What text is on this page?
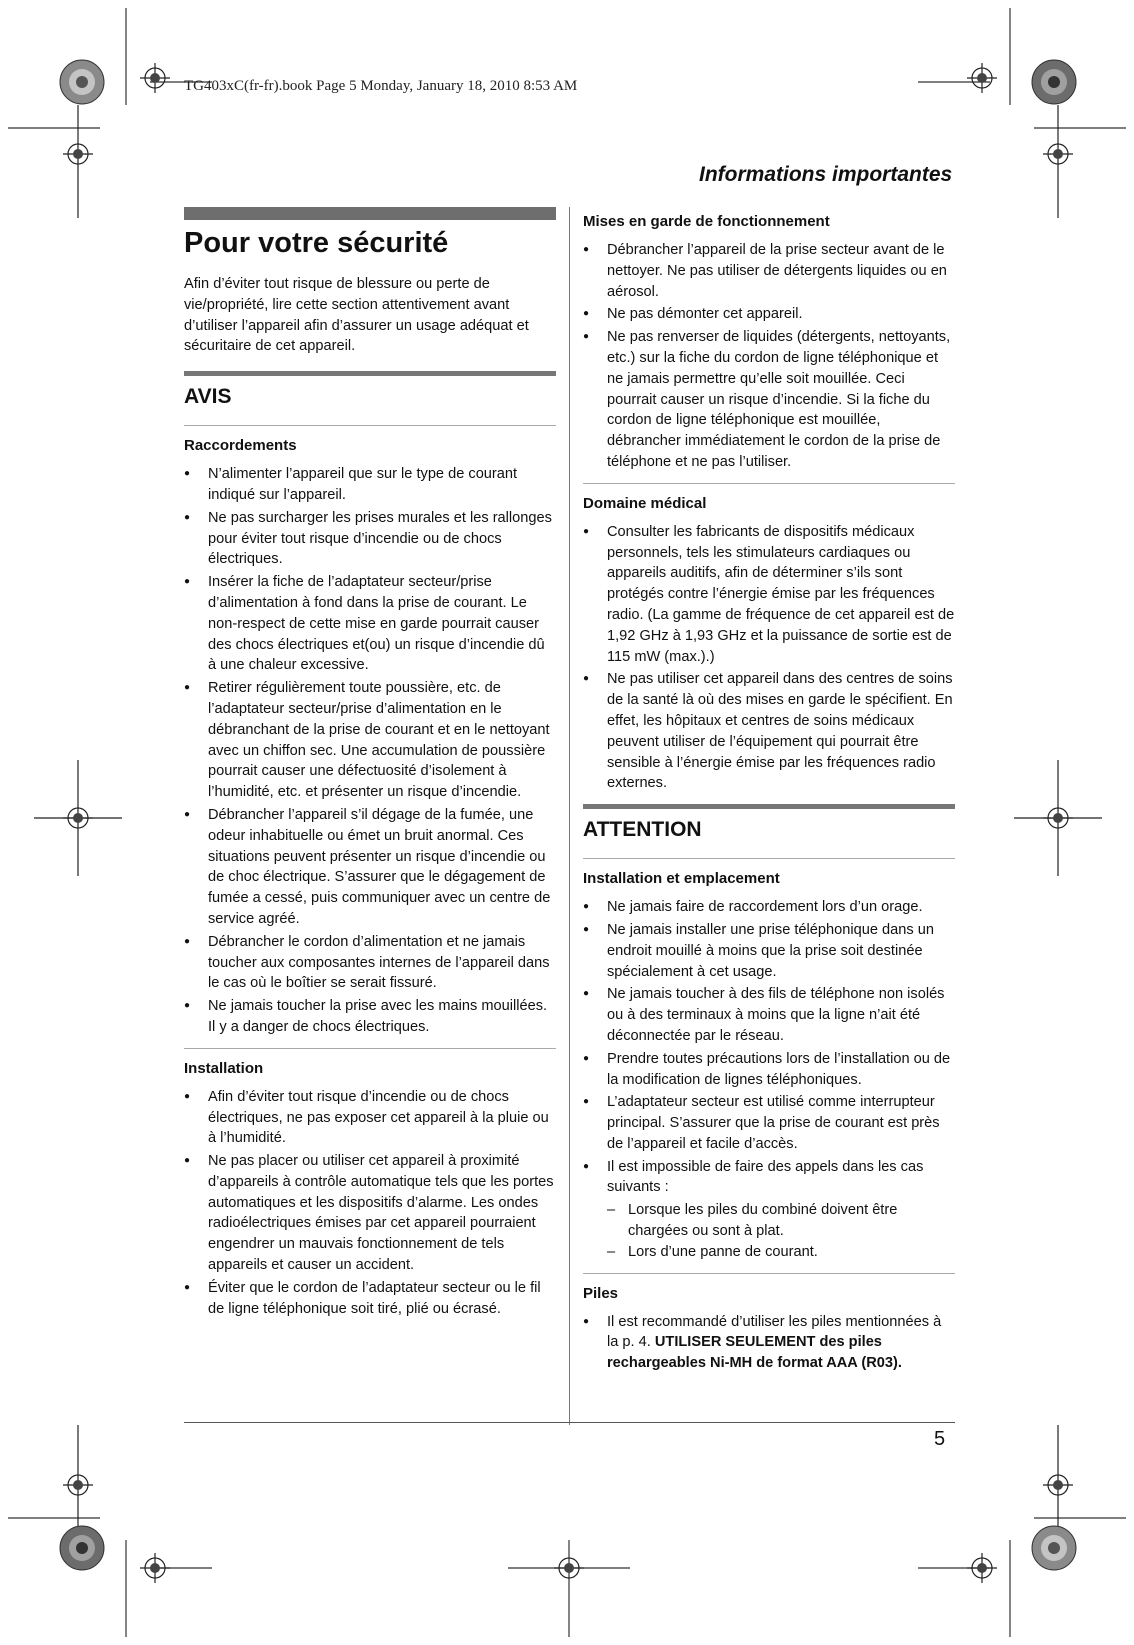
TG403xC(fr-fr).book Page 5 Monday, January 18, 2010 8:53 AM
Informations importantes
Pour votre sécurité

Afin d’éviter tout risque de blessure ou perte de vie/propriété, lire cette section attentivement avant d’utiliser l’appareil afin d’assurer un usage adéquat et sécuritaire de cet appareil.

AVIS
Raccordements
● N’alimenter l’appareil que sur le type de courant indiqué sur l’appareil.
● Ne pas surcharger les prises murales et les rallonges pour éviter tout risque d’incendie ou de chocs électriques.
● Insérer la fiche de l’adaptateur secteur/prise d’alimentation à fond dans la prise de courant. Le non-respect de cette mise en garde pourrait causer des chocs électriques et(ou) un risque d’incendie dû à une chaleur excessive.
● Retirer régulièrement toute poussière, etc. de l’adaptateur secteur/prise d’alimentation en le débranchant de la prise de courant et en le nettoyant avec un chiffon sec. Une accumulation de poussière pourrait causer une défectuosité d’isolement à l’humidité, etc. et présenter un risque d’incendie.
● Débrancher l’appareil s’il dégage de la fumée, une odeur inhabituelle ou émet un bruit anormal. Ces situations peuvent présenter un risque d’incendie ou de choc électrique. S’assurer que le dégagement de fumée a cessé, puis communiquer avec un centre de service agréé.
● Débrancher le cordon d’alimentation et ne jamais toucher aux composantes internes de l’appareil dans le cas où le boîtier se serait fissuré.
● Ne jamais toucher la prise avec les mains mouillées. Il y a danger de chocs électriques.
Installation
● Afin d’éviter tout risque d’incendie ou de chocs électriques, ne pas exposer cet appareil à la pluie ou à l’humidité.
● Ne pas placer ou utiliser cet appareil à proximité d’appareils à contrôle automatique tels que les portes automatiques et les dispositifs d’alarme. Les ondes radioélectriques émises par cet appareil pourraient engendrer un mauvais fonctionnement de tels appareils et causer un accident.
● Éviter que le cordon de l’adaptateur secteur ou le fil de ligne téléphonique soit tiré, plié ou écrasé.
Mises en garde de fonctionnement
● Débrancher l’appareil de la prise secteur avant de le nettoyer. Ne pas utiliser de détergents liquides ou en aérosol.
● Ne pas démonter cet appareil.
● Ne pas renverser de liquides (détergents, nettoyants, etc.) sur la fiche du cordon de ligne téléphonique et ne jamais permettre qu’elle soit mouillée. Ceci pourrait causer un risque d’incendie. Si la fiche du cordon de ligne téléphonique est mouillée, débrancher immédiatement le cordon de la prise de téléphone et ne pas l’utiliser.
Domaine médical
● Consulter les fabricants de dispositifs médicaux personnels, tels les stimulateurs cardiaques ou appareils auditifs, afin de déterminer s’ils sont protégés contre l’énergie émise par les fréquences radio. (La gamme de fréquence de cet appareil est de 1,92 GHz à 1,93 GHz et la puissance de sortie est de 115 mW (max.).)
● Ne pas utiliser cet appareil dans des centres de soins de la santé là où des mises en garde le spécifient. En effet, les hôpitaux et centres de soins médicaux peuvent utiliser de l’équipement qui pourrait être sensible à l’énergie émise par les fréquences radio externes.
ATTENTION
Installation et emplacement
● Ne jamais faire de raccordement lors d’un orage.
● Ne jamais installer une prise téléphonique dans un endroit mouillé à moins que la prise soit destinée spécialement à cet usage.
● Ne jamais toucher à des fils de téléphone non isolés ou à des terminaux à moins que la ligne n’ait été déconnectée par le réseau.
● Prendre toutes précautions lors de l’installation ou de la modification de lignes téléphoniques.
● L’adaptateur secteur est utilisé comme interrupteur principal. S’assurer que la prise de courant est près de l’appareil et facile d’accès.
● Il est impossible de faire des appels dans les cas suivants :
– Lorsque les piles du combiné doivent être chargées ou sont à plat.
– Lors d’une panne de courant.
Piles
● Il est recommandé d’utiliser les piles mentionnées à la p. 4. UTILISER SEULEMENT des piles rechargeables Ni-MH de format AAA (R03).
5
